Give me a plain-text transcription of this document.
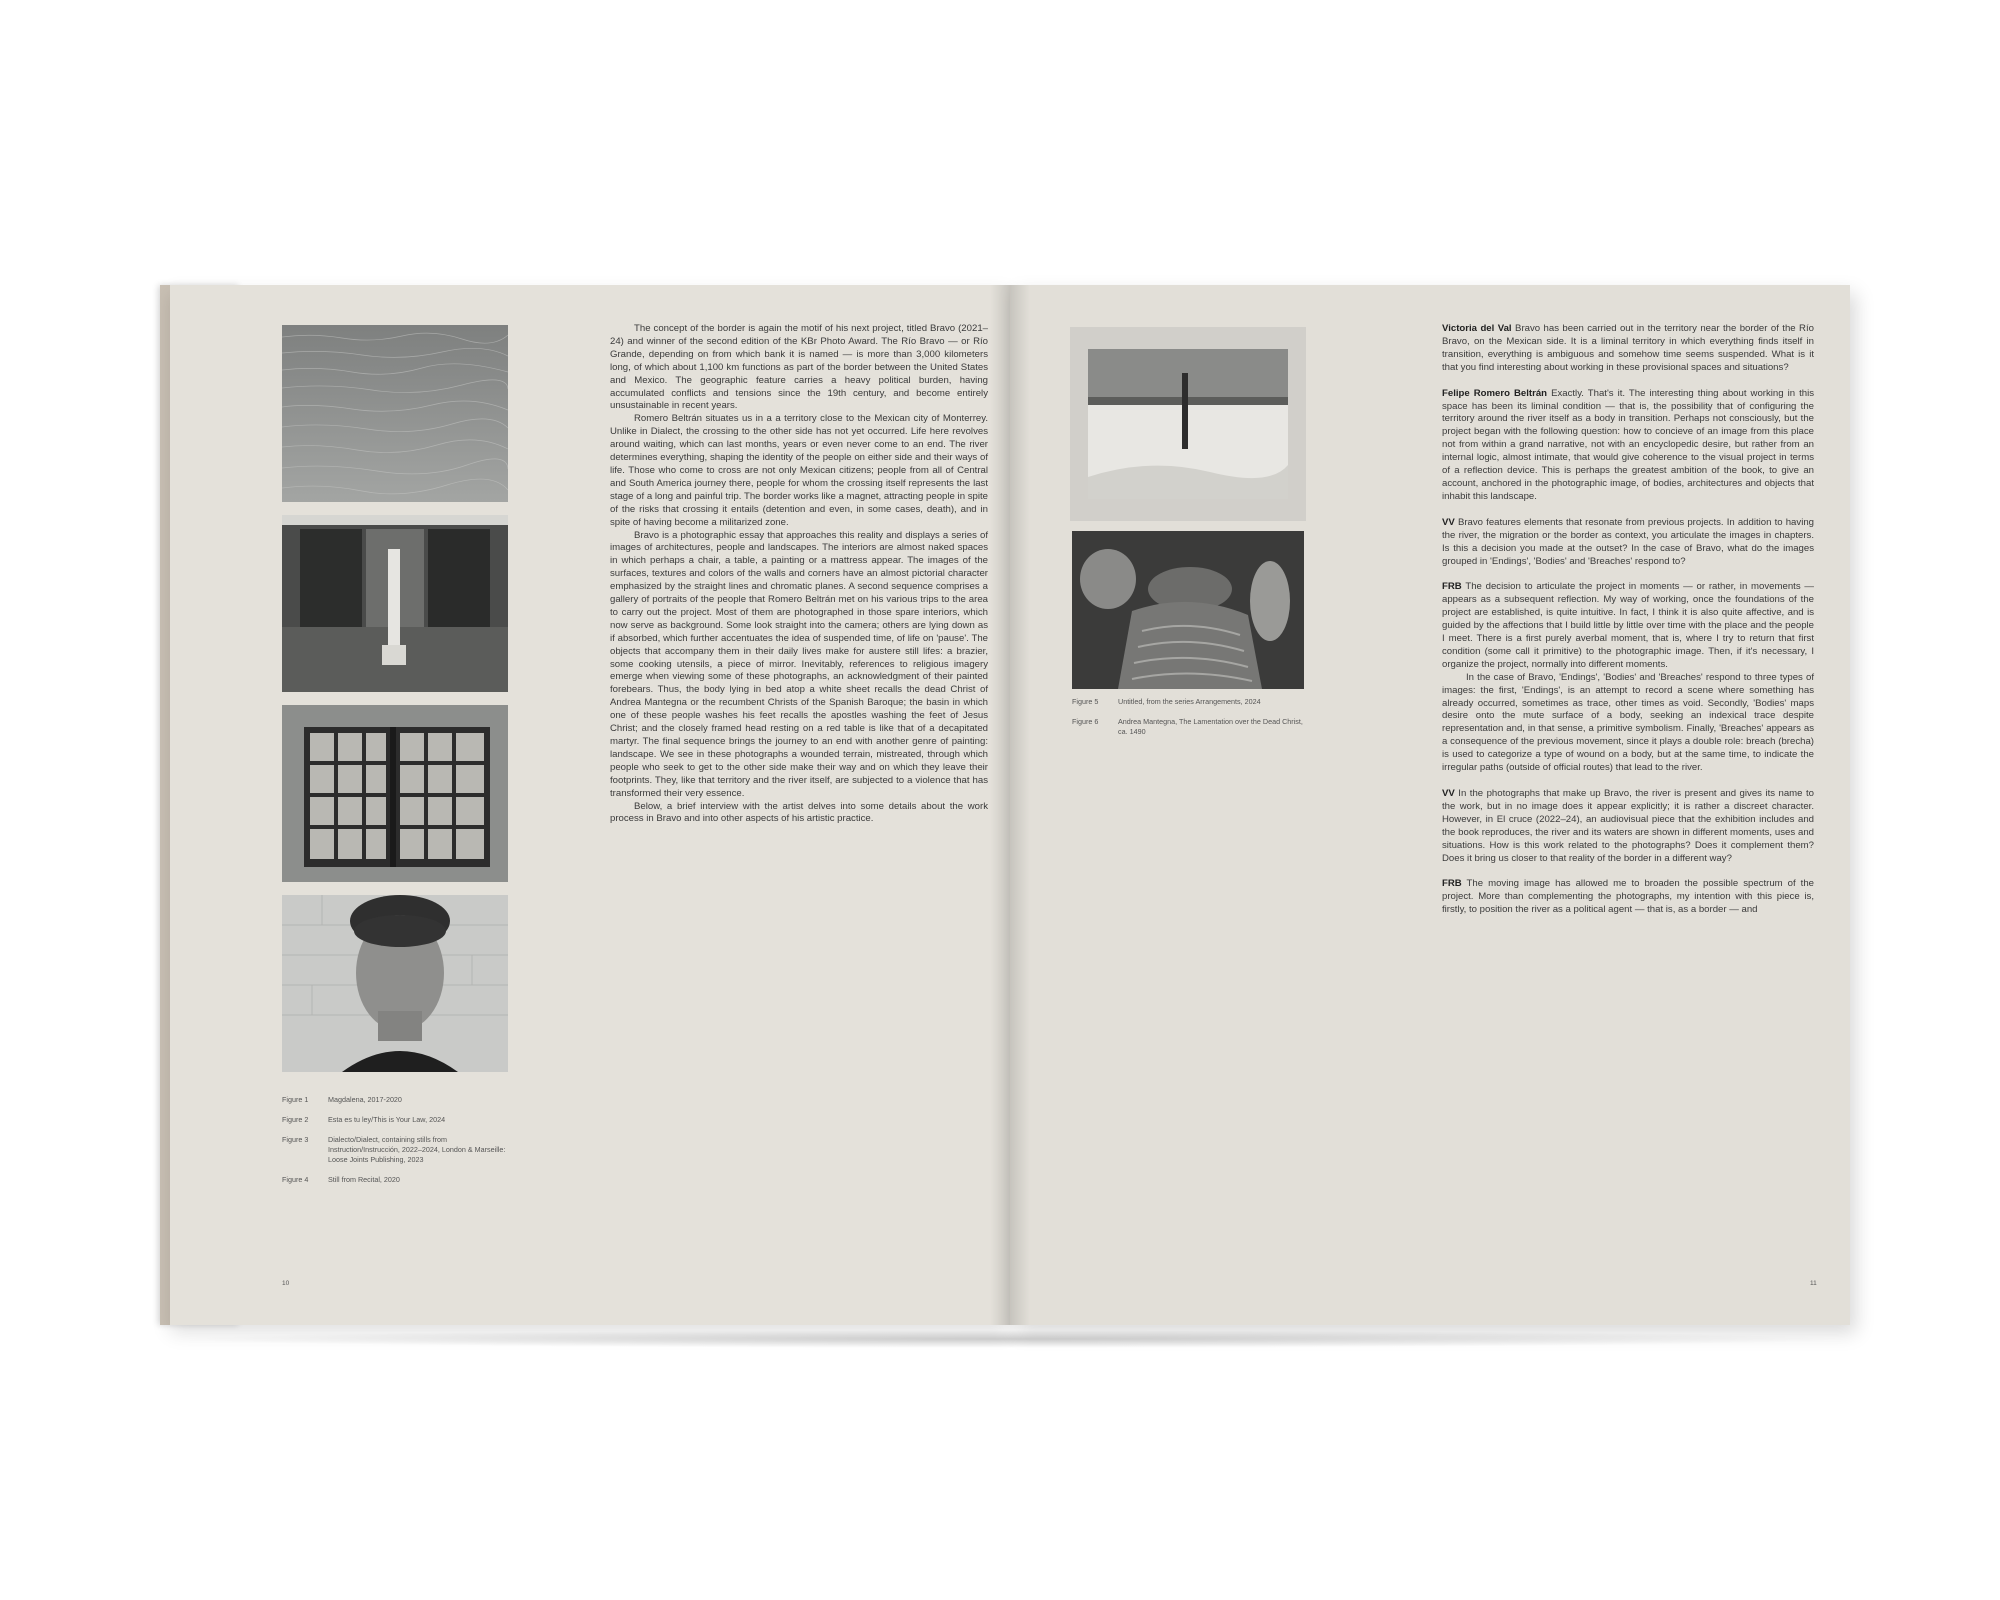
Figure 1	Magdalena, 2017-2020
Figure 2	Esta es tu ley/This is Your Law, 2024
Figure 3	Dialecto/Dialect, containing stills from Instruction/Instrucción, 2022–2024, London & Marseille: Loose Joints Publishing, 2023
Figure 4	Still from Recital, 2020

The concept of the border is again the motif of his next project, titled Bravo (2021–24) and winner of the second edition of the KBr Photo Award. The Río Bravo — or Río Grande, depending on from which bank it is named — is more than 3,000 kilometers long, of which about 1,100 km functions as part of the border between the United States and Mexico. The geographic feature carries a heavy political burden, having accumulated conflicts and tensions since the 19th century, and become entirely unsustainable in recent years.

Romero Beltrán situates us in a a territory close to the Mexican city of Monterrey. Unlike in Dialect, the crossing to the other side has not yet occurred. Life here revolves around waiting, which can last months, years or even never come to an end. The river determines everything, shaping the identity of the people on either side and their ways of life. Those who come to cross are not only Mexican citizens; people from all of Central and South America journey there, people for whom the crossing itself represents the last stage of a long and painful trip. The border works like a magnet, attracting people in spite of the risks that crossing it entails (detention and even, in some cases, death), and in spite of having become a militarized zone.

Bravo is a photographic essay that approaches this reality and displays a series of images of architectures, people and landscapes. The interiors are almost naked spaces in which perhaps a chair, a table, a painting or a mattress appear. The images of the surfaces, textures and colors of the walls and corners have an almost pictorial character emphasized by the straight lines and chromatic planes. A second sequence comprises a gallery of portraits of the people that Romero Beltrán met on his various trips to the area to carry out the project. Most of them are photographed in those spare interiors, which now serve as background. Some look straight into the camera; others are lying down as if absorbed, which further accentuates the idea of suspended time, of life on 'pause'. The objects that accompany them in their daily lives make for austere still lifes: a brazier, some cooking utensils, a piece of mirror. Inevitably, references to religious imagery emerge when viewing some of these photographs, an acknowledgment of their painted forebears. Thus, the body lying in bed atop a white sheet recalls the dead Christ of Andrea Mantegna or the recumbent Christs of the Spanish Baroque; the basin in which one of these people washes his feet recalls the apostles washing the feet of Jesus Christ; and the closely framed head resting on a red table is like that of a decapitated martyr. The final sequence brings the journey to an end with another genre of painting: landscape. We see in these photographs a wounded terrain, mistreated, through which people who seek to get to the other side make their way and on which they leave their footprints. They, like that territory and the river itself, are subjected to a violence that has transformed their very essence.

Below, a brief interview with the artist delves into some details about the work process in Bravo and into other aspects of his artistic practice.

10
Figure 5	Untitled, from the series Arrangements, 2024
Figure 6	Andrea Mantegna, The Lamentation over the Dead Christ, ca. 1490

Victoria del Val Bravo has been carried out in the territory near the border of the Río Bravo, on the Mexican side. It is a liminal territory in which everything finds itself in transition, everything is ambiguous and somehow time seems suspended. What is it that you find interesting about working in these provisional spaces and situations?

Felipe Romero Beltrán Exactly. That's it. The interesting thing about working in this space has been its liminal condition — that is, the possibility that of configuring the territory around the river itself as a body in transition. Perhaps not consciously, but the project began with the following question: how to concieve of an image from this place not from within a grand narrative, not with an encyclopedic desire, but rather from an internal logic, almost intimate, that would give coherence to the visual project in terms of a reflection device. This is perhaps the greatest ambition of the book, to give an account, anchored in the photographic image, of bodies, architectures and objects that inhabit this landscape.

VV Bravo features elements that resonate from previous projects. In addition to having the river, the migration or the border as context, you articulate the images in chapters. Is this a decision you made at the outset? In the case of Bravo, what do the images grouped in 'Endings', 'Bodies' and 'Breaches' respond to?

FRB The decision to articulate the project in moments — or rather, in movements — appears as a subsequent reflection. My way of working, once the foundations of the project are established, is quite intuitive. In fact, I think it is also quite affective, and is guided by the affections that I build little by little over time with the place and the people I meet. There is a first purely averbal moment, that is, where I try to return that first condition (some call it primitive) to the photographic image. Then, if it's necessary, I organize the project, normally into different moments.

In the case of Bravo, 'Endings', 'Bodies' and 'Breaches' respond to three types of images: the first, 'Endings', is an attempt to record a scene where something has already occurred, sometimes as trace, other times as void. Secondly, 'Bodies' maps desire onto the mute surface of a body, seeking an indexical trace despite representation and, in that sense, a primitive symbolism. Finally, 'Breaches' appears as a consequence of the previous movement, since it plays a double role: breach (brecha) is used to categorize a type of wound on a body, but at the same time, to indicate the irregular paths (outside of official routes) that lead to the river.

VV In the photographs that make up Bravo, the river is present and gives its name to the work, but in no image does it appear explicitly; it is rather a discreet character. However, in El cruce (2022–24), an audiovisual piece that the exhibition includes and the book reproduces, the river and its waters are shown in different moments, uses and situations. How is this work related to the photographs? Does it complement them? Does it bring us closer to that reality of the border in a different way?

FRB The moving image has allowed me to broaden the possible spectrum of the project. More than complementing the photographs, my intention with this piece is, firstly, to position the river as a political agent — that is, as a border — and

11
